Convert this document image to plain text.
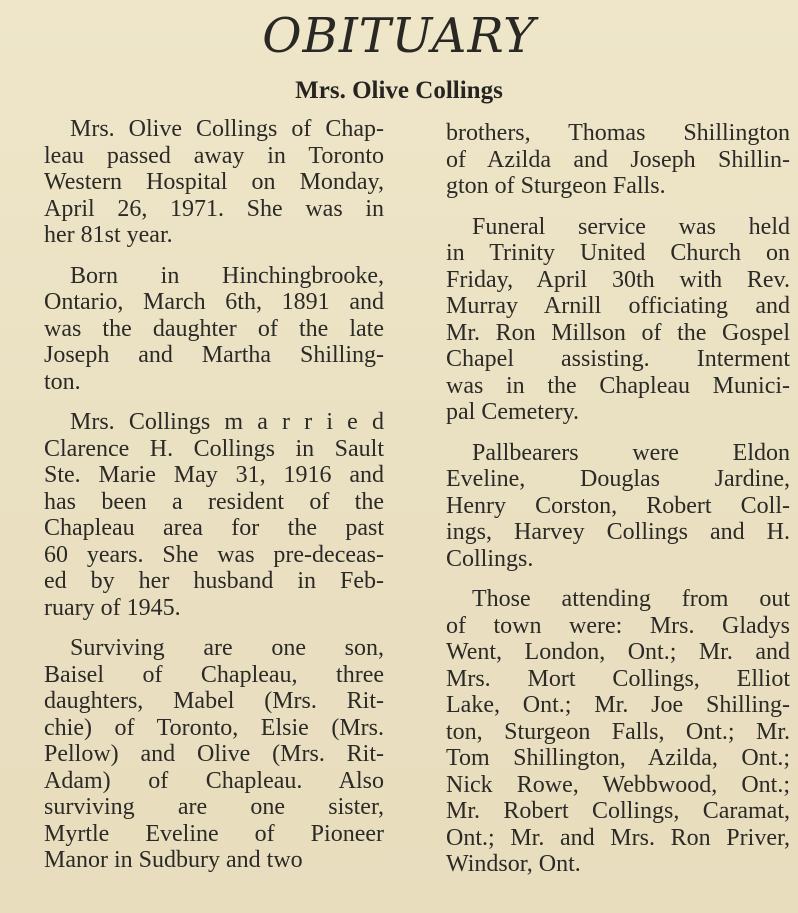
OBITUARY
Mrs. Olive Collings
Mrs. Olive Collings of Chap-
leau passed away in Toronto
Western Hospital on Monday,
April 26, 1971. She was in
her 81st year.
Born in Hinchingbrooke,
Ontario, March 6th, 1891 and
was the daughter of the late
Joseph and Martha Shilling-
ton.
Mrs. Collings m a r r i e d
Clarence H. Collings in Sault
Ste. Marie May 31, 1916 and
has been a resident of the
Chapleau area for the past
60 years. She was pre-deceas-
ed by her husband in Feb-
ruary of 1945.
Surviving are one son,
Baisel of Chapleau, three
daughters, Mabel (Mrs. Rit-
chie) of Toronto, Elsie (Mrs.
Pellow) and Olive (Mrs. Rit-
Adam) of Chapleau. Also
surviving are one sister,
Myrtle Eveline of Pioneer
Manor in Sudbury and two
brothers, Thomas Shillington
of Azilda and Joseph Shillin-
gton of Sturgeon Falls.
Funeral service was held
in Trinity United Church on
Friday, April 30th with Rev.
Murray Arnill officiating and
Mr. Ron Millson of the Gospel
Chapel assisting. Interment
was in the Chapleau Munici-
pal Cemetery.
Pallbearers were Eldon
Eveline, Douglas Jardine,
Henry Corston, Robert Coll-
ings, Harvey Collings and H.
Collings.
Those attending from out
of town were: Mrs. Gladys
Went, London, Ont.; Mr. and
Mrs. Mort Collings, Elliot
Lake, Ont.; Mr. Joe Shilling-
ton, Sturgeon Falls, Ont.; Mr.
Tom Shillington, Azilda, Ont.;
Nick Rowe, Webbwood, Ont.;
Mr. Robert Collings, Caramat,
Ont.; Mr. and Mrs. Ron Priver,
Windsor, Ont.
